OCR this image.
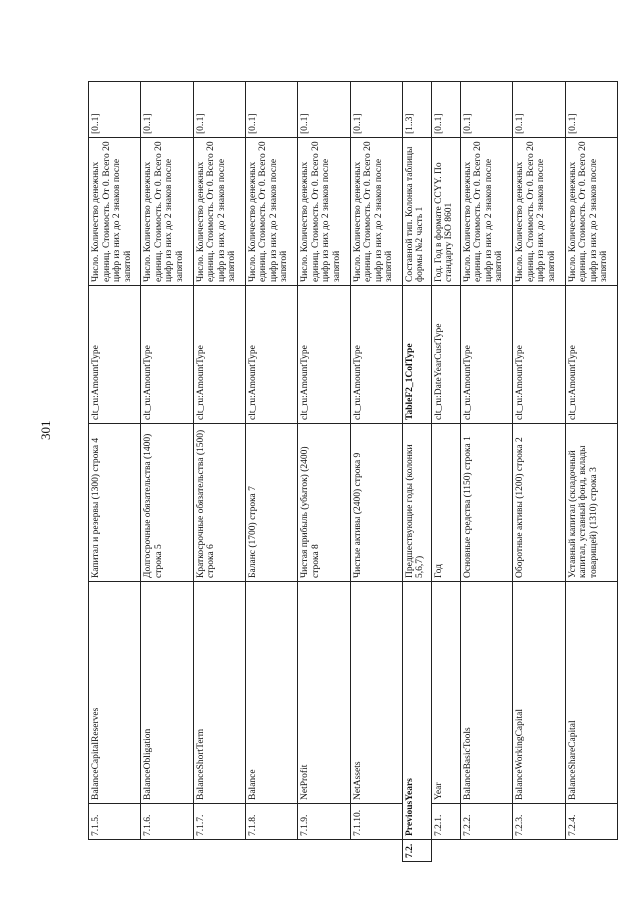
301
	7.1.5.	BalanceCapitalReserves	Капитал и резервы (1300) строка 4	clt_ru:AmountType	Число. Количество денежных единиц. Стоимость. От 0. Всего 20 цифр из них до 2 знаков после запятой	[0..1]
	7.1.6.	BalanceObligation	Долгосрочные обязательства (1400) строка 5	clt_ru:AmountType	Число. Количество денежных единиц. Стоимость. От 0. Всего 20 цифр из них до 2 знаков после запятой	[0..1]
	7.1.7.	BalanceShortTerm	Краткосрочные обязательства (1500) строка 6	clt_ru:AmountType	Число. Количество денежных единиц. Стоимость. От 0. Всего 20 цифр из них до 2 знаков после запятой	[0..1]
	7.1.8.	Balance	Баланс (1700) строка 7	clt_ru:AmountType	Число. Количество денежных единиц. Стоимость. От 0. Всего 20 цифр из них до 2 знаков после запятой	[0..1]
	7.1.9.	NetProfit	Чистая прибыль (убыток) (2400) строка 8	clt_ru:AmountType	Число. Количество денежных единиц. Стоимость. От 0. Всего 20 цифр из них до 2 знаков после запятой	[0..1]
	7.1.10.	NetAssets	Чистые активы (2400) строка 9	clt_ru:AmountType	Число. Количество денежных единиц. Стоимость. От 0. Всего 20 цифр из них до 2 знаков после запятой	[0..1]
7.2.	PreviousYears		Предшествующие годы (колонки 5,6,7)	TableF2_1ColType	Составной тип. Колонка таблицы формы №2 часть 1	[1..3]
	7.2.1.	Year	Год	clt_ru:DateYearCustType	Год. Год в формате CCYY. По стандарту ISO 8601	[0..1]
	7.2.2.	BalanceBasicTools	Основные средства (1150) строка 1	clt_ru:AmountType	Число. Количество денежных единиц. Стоимость. От 0. Всего 20 цифр из них до 2 знаков после запятой	[0..1]
	7.2.3.	BalanceWorkingCapital	Оборотные активы (1200) строка 2	clt_ru:AmountType	Число. Количество денежных единиц. Стоимость. От 0. Всего 20 цифр из них до 2 знаков после запятой	[0..1]
	7.2.4.	BalanceShareCapital	Уставный капитал (складочный капитал, уставный фонд, вклады товарищей) (1310) строка 3	clt_ru:AmountType	Число. Количество денежных единиц. Стоимость. От 0. Всего 20 цифр из них до 2 знаков после запятой	[0..1]
